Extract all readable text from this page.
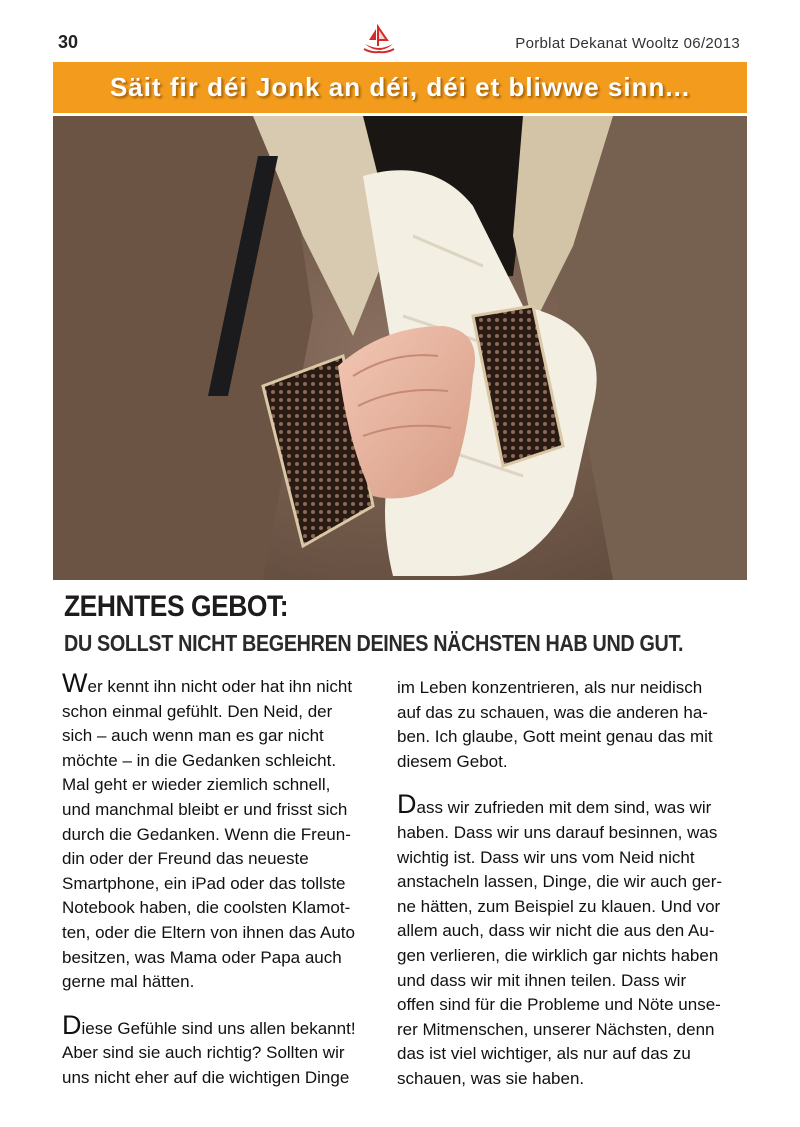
30	Porblat Dekanat Wooltz 06/2013
Säit fir déi Jonk an déi, déi et bliwwe sinn...
ZEHNTES GEBOT:
DU SOLLST NICHT BEGEHREN DEINES NÄCHSTEN HAB UND GUT.

Wer kennt ihn nicht oder hat ihn nicht
schon einmal gefühlt. Den Neid, der
sich – auch wenn man es gar nicht
möchte – in die Gedanken schleicht.
Mal geht er wieder ziemlich schnell,
und manchmal bleibt er und frisst sich
durch die Gedanken. Wenn die Freun-
din oder der Freund das neueste
Smartphone, ein iPad oder das tollste
Notebook haben, die coolsten Klamot-
ten, oder die Eltern von ihnen das Auto
besitzen, was Mama oder Papa auch
gerne mal hätten.

Diese Gefühle sind uns allen bekannt!
Aber sind sie auch richtig? Sollten wir
uns nicht eher auf die wichtigen Dinge

im Leben konzentrieren, als nur neidisch
auf das zu schauen, was die anderen ha-
ben. Ich glaube, Gott meint genau das mit
diesem Gebot.

Dass wir zufrieden mit dem sind, was wir
haben. Dass wir uns darauf besinnen, was
wichtig ist. Dass wir uns vom Neid nicht
anstacheln lassen, Dinge, die wir auch ger-
ne hätten, zum Beispiel zu klauen. Und vor
allem auch, dass wir nicht die aus den Au-
gen verlieren, die wirklich gar nichts haben
und dass wir mit ihnen teilen. Dass wir
offen sind für die Probleme und Nöte unse-
rer Mitmenschen, unserer Nächsten, denn
das ist viel wichtiger, als nur auf das zu
schauen, was sie haben.
